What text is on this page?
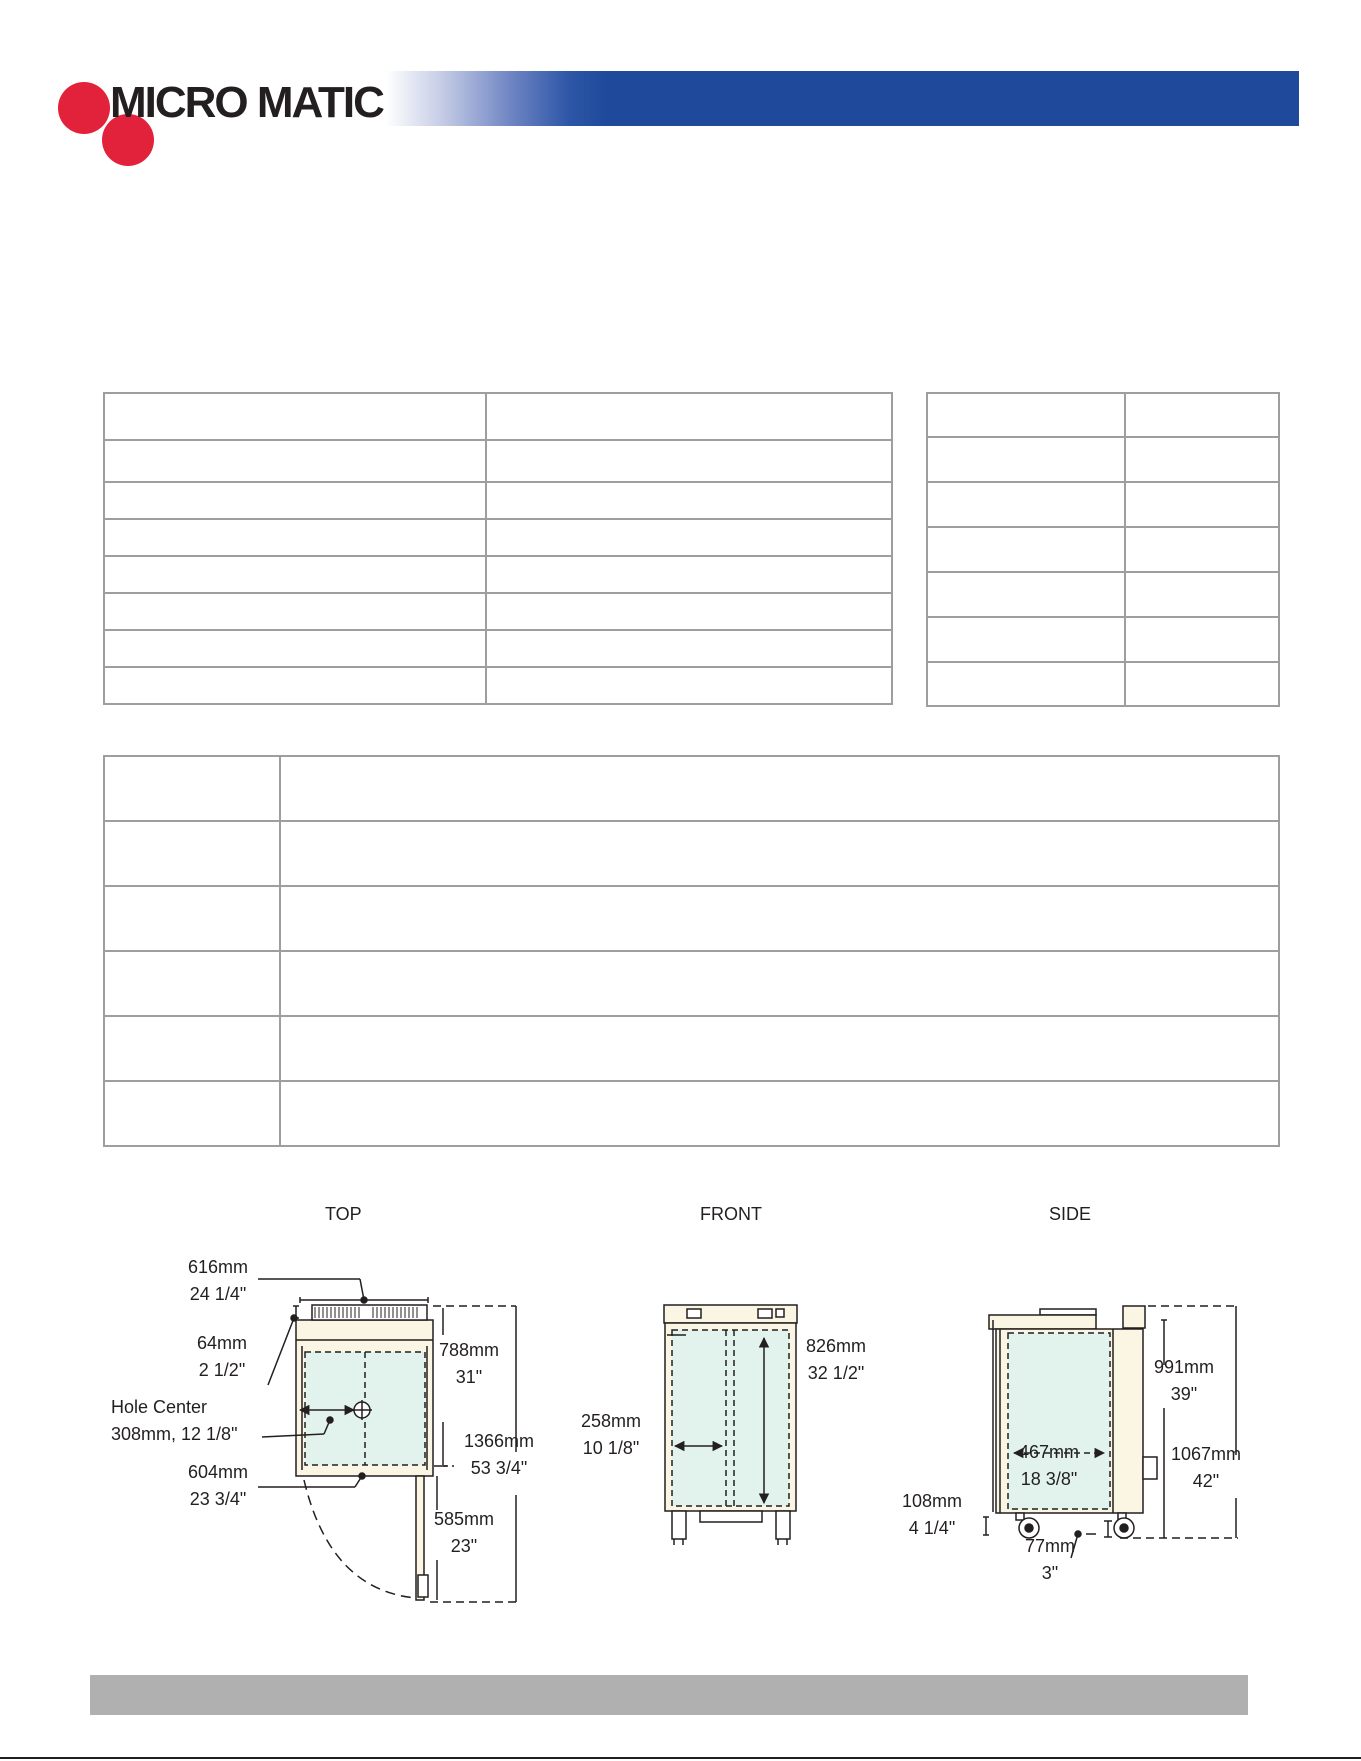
MICRO MATIC

TOP	FRONT	SIDE
616mm
24 1/4"
64mm
2 1/2"
Hole Center
308mm, 12 1/8"
604mm
23 3/4"
788mm
31"
1366mm
53 3/4"
585mm
23"
826mm
32 1/2"
258mm
10 1/8"
991mm
39"
1067mm
42"
467mm
18 3/8"
108mm
4 1/4"
77mm
3"
